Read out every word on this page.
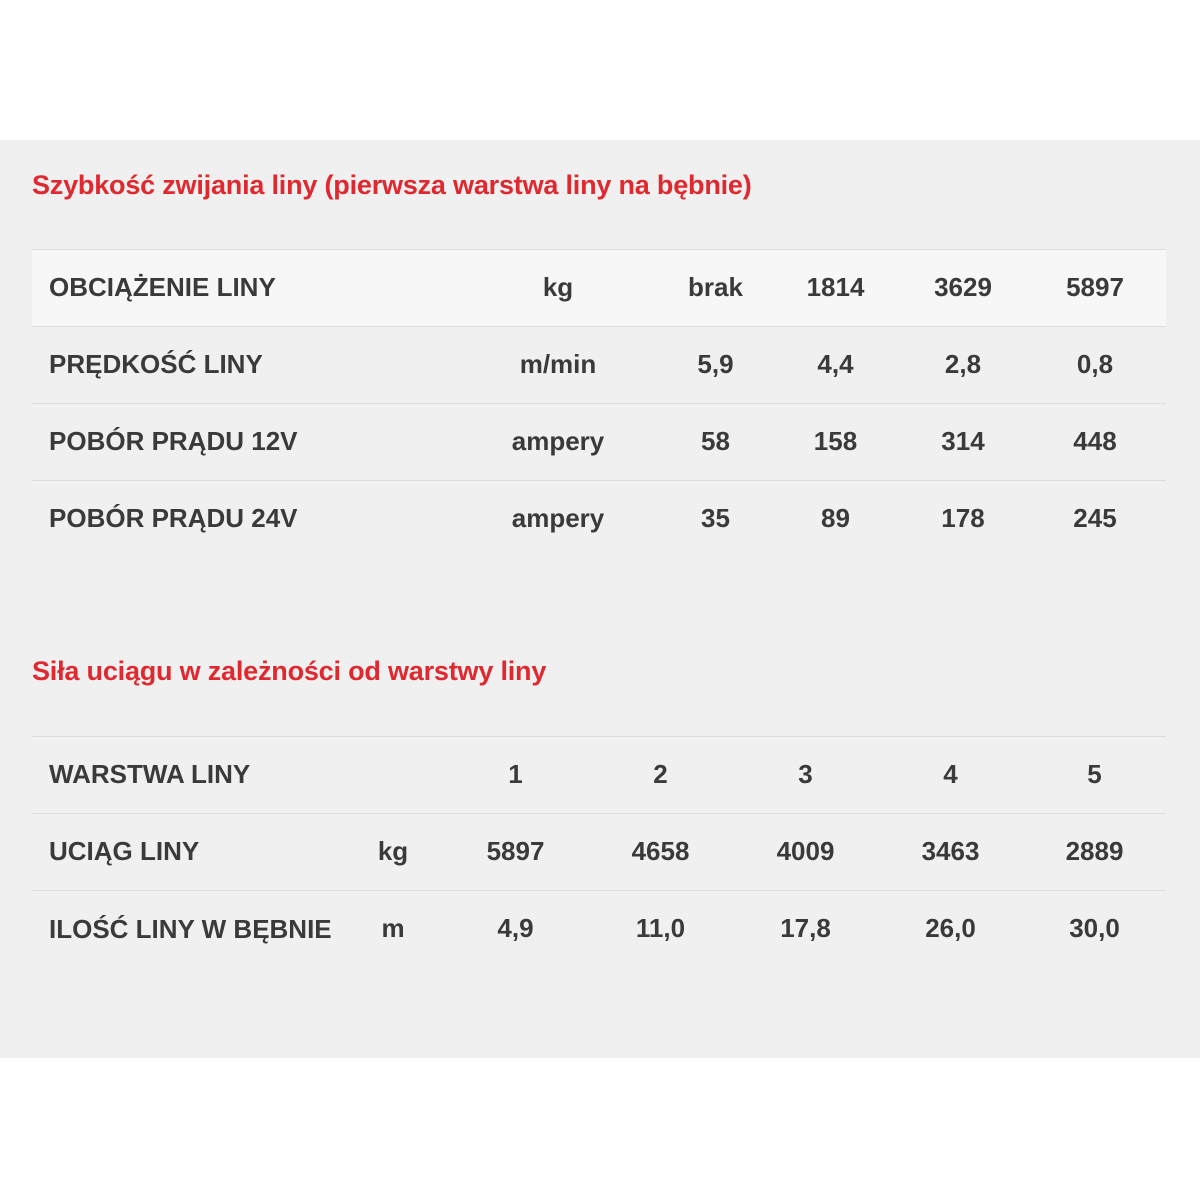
Szybkość zwijania liny (pierwsza warstwa liny na bębnie)
OBCIĄŻENIE LINY	kg	brak	1814	3629	5897
PRĘDKOŚĆ LINY	m/min	5,9	4,4	2,8	0,8
POBÓR PRĄDU 12V	ampery	58	158	314	448
POBÓR PRĄDU 24V	ampery	35	89	178	245
Siła uciągu w zależności od warstwy liny
WARSTWA LINY		1	2	3	4	5
UCIĄG LINY	kg	5897	4658	4009	3463	2889
ILOŚĆ LINY W BĘBNIE	m	4,9	11,0	17,8	26,0	30,0
